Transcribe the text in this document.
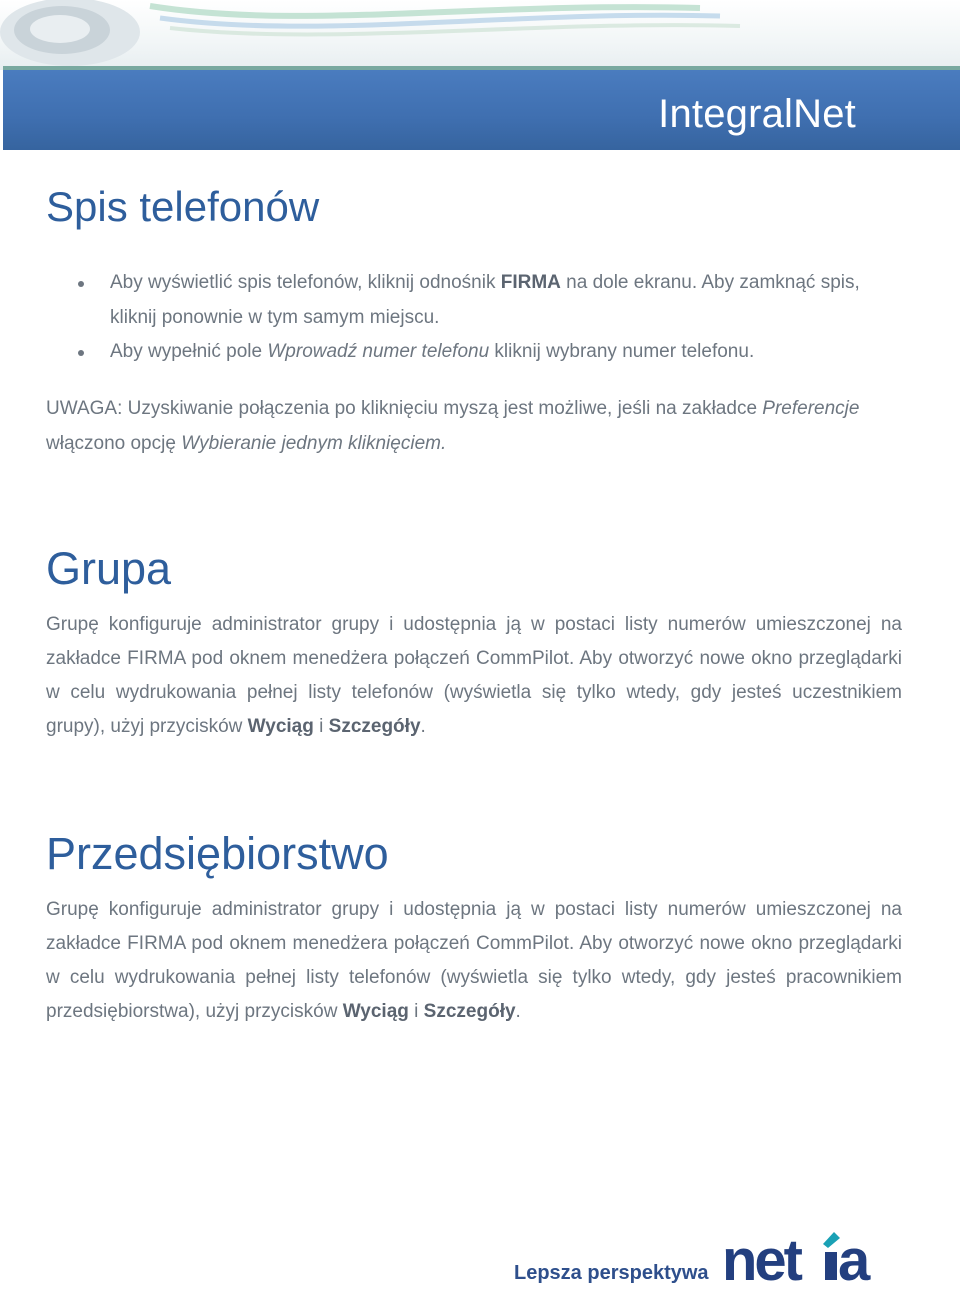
IntegralNet
Spis telefonów
Aby wyświetlić spis telefonów, kliknij odnośnik FIRMA na dole ekranu. Aby zamknąć spis, kliknij ponownie w tym samym miejscu.
Aby wypełnić pole Wprowadź numer telefonu kliknij wybrany numer telefonu.

UWAGA: Uzyskiwanie połączenia po kliknięciu myszą jest możliwe, jeśli na zakładce Preferencje włączono opcję Wybieranie jednym kliknięciem.

Grupa

Grupę konfiguruje administrator grupy i udostępnia ją w postaci listy numerów umieszczonej na zakładce FIRMA pod oknem menedżera połączeń CommPilot. Aby otworzyć nowe okno przeglądarki w celu wydrukowania pełnej listy telefonów (wyświetla się tylko wtedy, gdy jesteś uczestnikiem grupy), użyj przycisków Wyciąg i Szczegóły.

Przedsiębiorstwo

Grupę konfiguruje administrator grupy i udostępnia ją w postaci listy numerów umieszczonej na zakładce FIRMA pod oknem menedżera połączeń CommPilot. Aby otworzyć nowe okno przeglądarki w celu wydrukowania pełnej listy telefonów (wyświetla się tylko wtedy, gdy jesteś pracownikiem przedsiębiorstwa), użyj przycisków Wyciąg i Szczegóły.

Lepsza perspektywa net a
